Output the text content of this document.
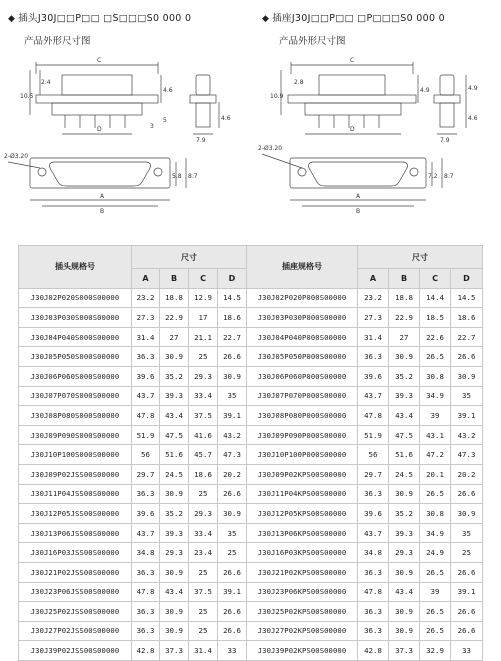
◆ 插头J30J□□P□□ □S□□□S0 000 0	◆ 插座J30J□□P□□ □P□□□S0 000 0
产品外形尺寸图	产品外形尺寸图
C
D
A
B
10.5
2.4
4.6
5
3
4.6
7.9
2-Ø3.20
5.8 8.7
C
D
A
B
10.9
2.8
4.9	4.9
4.6
7.9
2-Ø3.20
7.2 8.7
插头规格号	尺寸				插座规格号	尺寸			
	A	B	C	D		A	B	C	D
J30J02P020S000S00000	23.2	18.8	12.9	14.5	J30J02P020P000S00000	23.2	18.8	14.4	14.5
J30J03P030S000S00000	27.3	22.9	17	18.6	J30J03P030P000S00000	27.3	22.9	18.5	18.6
J30J04P040S000S00000	31.4	27	21.1	22.7	J30J04P040P000S00000	31.4	27	22.6	22.7
J30J05P050S000S00000	36.3	30.9	25	26.6	J30J05P050P000S00000	36.3	30.9	26.5	26.6
J30J06P060S000S00000	39.6	35.2	29.3	30.9	J30J06P060P000S00000	39.6	35.2	30.8	30.9
J30J07P070S000S00000	43.7	39.3	33.4	35	J30J07P070P000S00000	43.7	39.3	34.9	35
J30J08P080S000S00000	47.8	43.4	37.5	39.1	J30J08P080P000S00000	47.8	43.4	39	39.1
J30J09P090S000S00000	51.9	47.5	41.6	43.2	J30J09P090P000S00000	51.9	47.5	43.1	43.2
J30J10P100S000S00000	56	51.6	45.7	47.3	J30J10P100P000S00000	56	51.6	47.2	47.3
J30J09P02JSS00S00000	29.7	24.5	18.6	20.2	J30J09P02KPS00S00000	29.7	24.5	20.1	20.2
J30J11P04JSS00S00000	36.3	30.9	25	26.6	J30J11P04KPS00S00000	36.3	30.9	26.5	26.6
J30J12P05JSS00S00000	39.6	35.2	29.3	30.9	J30J12P05KPS00S00000	39.6	35.2	30.8	30.9
J30J13P06JSS00S00000	43.7	39.3	33.4	35	J30J13P06KPS00S00000	43.7	39.3	34.9	35
J30J16P03JSS00S00000	34.8	29.3	23.4	25	J30J16P03KPS00S00000	34.8	29.3	24.9	25
J30J21P02JSS00S00000	36.3	30.9	25	26.6	J30J21P02KPS00S00000	36.3	30.9	26.5	26.6
J30J23P06JSS00S00000	47.8	43.4	37.5	39.1	J30J23P06KPS00S00000	47.8	43.4	39	39.1
J30J25P02JSS00S00000	36.3	30.9	25	26.6	J30J25P02KPS00S00000	36.3	30.9	26.5	26.6
J30J27P02JSS00S00000	36.3	30.9	25	26.6	J30J27P02KPS00S00000	36.3	30.9	26.5	26.6
J30J39P02JSS00S00000	42.8	37.3	31.4	33	J30J39P02KPS00S00000	42.8	37.3	32.9	33
